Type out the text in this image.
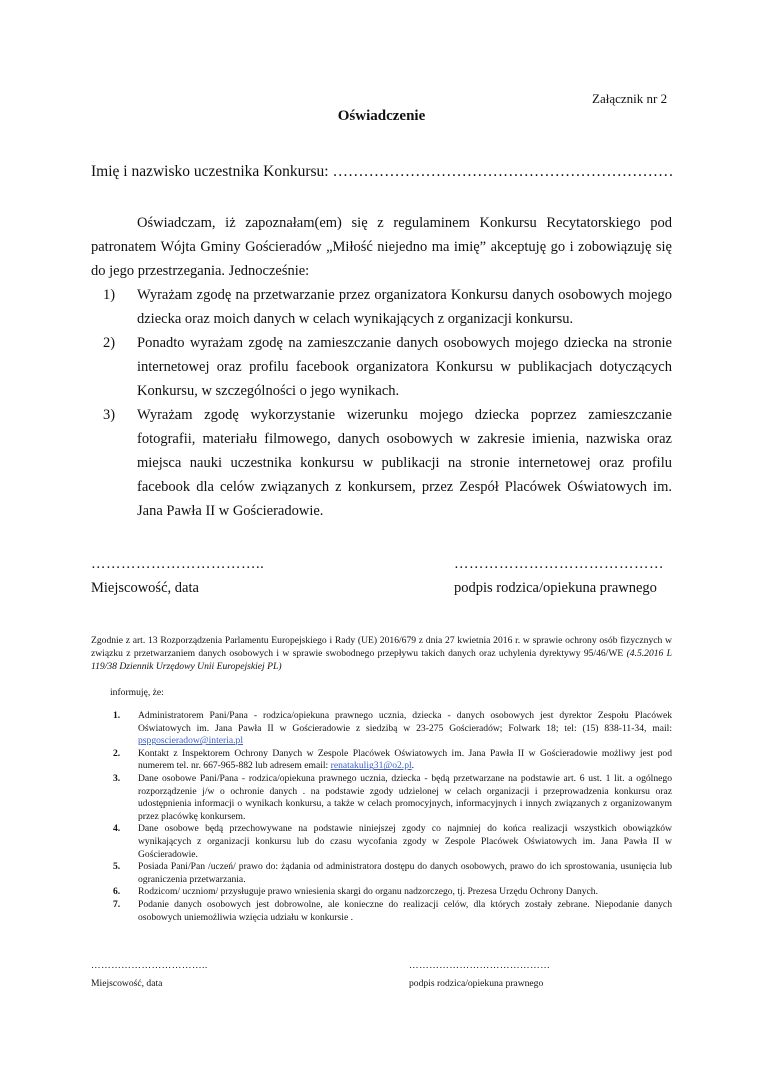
Załącznik nr 2
Oświadczenie
Imię i nazwisko uczestnika Konkursu: …………………………………………………………

Oświadczam, iż zapoznałam(em) się z regulaminem Konkursu Recytatorskiego pod patronatem Wójta Gminy Gościeradów „Miłość niejedno ma imię” akceptuję go i zobowiązuję się do jego przestrzegania. Jednocześnie:

1) Wyrażam zgodę na przetwarzanie przez organizatora Konkursu danych osobowych mojego dziecka oraz moich danych w celach wynikających z organizacji konkursu.
2) Ponadto wyrażam zgodę na zamieszczanie danych osobowych mojego dziecka na stronie internetowej oraz profilu facebook organizatora Konkursu w publikacjach dotyczących Konkursu, w szczególności o jego wynikach.
3) Wyrażam zgodę wykorzystanie wizerunku mojego dziecka poprzez zamieszczanie fotografii, materiału filmowego, danych osobowych w zakresie imienia, nazwiska oraz miejsca nauki uczestnika konkursu w publikacji na stronie internetowej oraz profilu facebook dla celów związanych z konkursem, przez Zespół Placówek Oświatowych im. Jana Pawła II w Gościeradowie.
……………………………..	……………………………………
Miejscowość, data	podpis rodzica/opiekuna prawnego
Zgodnie z art. 13 Rozporządzenia Parlamentu Europejskiego i Rady (UE) 2016/679 z dnia 27 kwietnia 2016 r. w sprawie ochrony osób fizycznych w związku z przetwarzaniem danych osobowych i w sprawie swobodnego przepływu takich danych oraz uchylenia dyrektywy 95/46/WE (4.5.2016 L 119/38 Dziennik Urzędowy Unii Europejskiej PL)
informuję, że:
1. Administratorem Pani/Pana - rodzica/opiekuna prawnego ucznia, dziecka - danych osobowych jest dyrektor Zespołu Placówek Oświatowych im. Jana Pawła II w Gościeradowie z siedzibą w 23-275 Gościeradów; Folwark 18; tel: (15) 838-11-34, mail: pspgoscieradow@interia.pl
2. Kontakt z Inspektorem Ochrony Danych w Zespole Placówek Oświatowych im. Jana Pawła II w Gościeradowie możliwy jest pod numerem tel. nr. 667-965-882 lub adresem email: renatakulig31@o2.pl.
3. Dane osobowe Pani/Pana - rodzica/opiekuna prawnego ucznia, dziecka - będą przetwarzane na podstawie art. 6 ust. 1 lit. a ogólnego rozporządzenie j/w o ochronie danych . na podstawie zgody udzielonej w celach organizacji i przeprowadzenia konkursu oraz udostępnienia informacji o wynikach konkursu, a także w celach promocyjnych, informacyjnych i innych związanych z organizowanym przez placówkę konkursem.
4. Dane osobowe będą przechowywane na podstawie niniejszej zgody co najmniej do końca realizacji wszystkich obowiązków wynikających z organizacji konkursu lub do czasu wycofania zgody w Zespole Placówek Oświatowych im. Jana Pawła II w Gościeradowie.
5. Posiada Pani/Pan /uczeń/ prawo do: żądania od administratora dostępu do danych osobowych, prawo do ich sprostowania, usunięcia lub ograniczenia przetwarzania.
6. Rodzicom/ uczniom/ przysługuje prawo wniesienia skargi do organu nadzorczego, tj. Prezesa Urzędu Ochrony Danych.
7. Podanie danych osobowych jest dobrowolne, ale konieczne do realizacji celów, dla których zostały zebrane. Niepodanie danych osobowych uniemożliwia wzięcia udziału w konkursie .
……………………………..	……………………………………
Miejscowość, data	podpis rodzica/opiekuna prawnego
